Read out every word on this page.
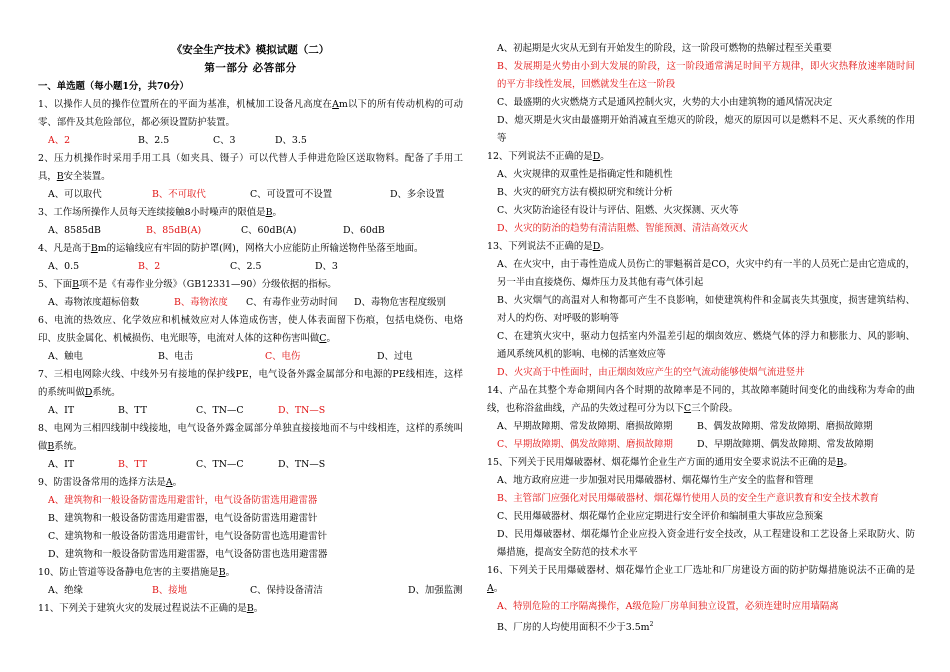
《安全生产技术》模拟试题（二）
第一部分 必答部分

一、单选题（每小题1分，共70分）

1、以操作人员的操作位置所在的平面为基准，机械加工设备凡高度在Am以下的所有传动机构的可动零、部件及其危险部位，都必须设置防护装置。

A、2	B、2.5	C、3	D、3.5

2、压力机操作时采用手用工具（如夹具、镊子）可以代替人手伸进危险区送取物料。配备了手用工具，B安全装置。

A、可以取代	B、不可取代	C、可设置可不设置	D、多余设置

3、工作场所操作人员每天连续接触8小时噪声的限值是B。

A、8585dB	B、85dB(A)	C、60dB(A)	D、60dB

4、凡是高于Bm的运输线应有牢固的防护罩(网)，网格大小应能防止所输送物件坠落至地面。

A、0.5	B、2	C、2.5	D、3

5、下面B项不是《有毒作业分级》（GB12331—90）分级依据的指标。

A、毒物浓度超标倍数	B、毒物浓度 C、有毒作业劳动时间 D、毒物危害程度级别

6、电流的热效应、化学效应和机械效应对人体造成伤害，使人体表面留下伤痕，包括电烧伤、电烙印、皮肤金属化、机械损伤、电光眼等，电流对人体的这种伤害叫做C。

A、触电	B、电击	C、电伤	D、过电

7、三相电网除火线、中线外另有接地的保护线PE，电气设备外露金属部分和电源的PE线相连，这样的系统叫做D系统。

A、IT	B、TT	C、TN—C	D、TN—S

8、电网为三相四线制中线接地，电气设备外露金属部分单独直接接地而不与中线相连，这样的系统叫做B系统。

A、IT	B、TT	C、TN—C	D、TN—S

9、防雷设备常用的选择方法是A。

A、建筑物和一般设备防雷选用避雷针，电气设备防雷选用避雷器

B、建筑物和一般设备防雷选用避雷器，电气设备防雷选用避雷针

C、建筑物和一般设备防雷选用避雷针，电气设备防雷也选用避雷针

D、建筑物和一般设备防雷选用避雷器，电气设备防雷也选用避雷器

10、防止管道等设备静电危害的主要措施是B。

A、绝缘	B、接地	C、保持设备清洁	D、加强监测

11、下列关于建筑火灾的发展过程说法不正确的是B。

A、初起期是火灾从无到有开始发生的阶段，这一阶段可燃物的热解过程至关重要

B、发展期是火势由小到大发展的阶段，这一阶段通常满足时间平方规律，即火灾热释放速率随时间的平方非线性发展，回燃就发生在这一阶段

C、最盛期的火灾燃烧方式是通风控制火灾，火势的大小由建筑物的通风情况决定

D、熄灭期是火灾由最盛期开始消减直至熄灭的阶段，熄灭的原因可以是燃料不足、灭火系统的作用等

12、下列说法不正确的是D。

A、火灾规律的双重性是指确定性和随机性

B、火灾的研究方法有模拟研究和统计分析

C、火灾防治途径有设计与评估、阻燃、火灾探测、灭火等

D、火灾的防治的趋势有清洁阻燃、智能预测、清洁高效灭火

13、下列说法不正确的是D。

A、在火灾中，由于毒性造成人员伤亡的罪魁祸首是CO，火灾中约有一半的人员死亡是由它造成的，另一半由直接烧伤、爆炸压力及其他有毒气体引起

B、火灾烟气的高温对人和物都可产生不良影响，如使建筑构件和金属丧失其强度，损害建筑结构、对人的灼伤、对呼吸的影响等

C、在建筑火灾中，驱动力包括室内外温差引起的烟囱效应、燃烧气体的浮力和膨胀力、风的影响、通风系统风机的影响、电梯的活塞效应等

D、火灾高于中性面时，由正烟囱效应产生的空气流动能够使烟气流进竖井

14、产品在其整个寿命期间内各个时期的故障率是不同的，其故障率随时间变化的曲线称为寿命的曲线，也称浴盆曲线，产品的失效过程可分为以下C三个阶段。

A、早期故障期、常发故障期、磨损故障期	B、偶发故障期、常发故障期、磨损故障期
C、早期故障期、偶发故障期、磨损故障期	D、早期故障期、偶发故障期、常发故障期

15、下列关于民用爆破器材、烟花爆竹企业生产方面的通用安全要求说法不正确的是B。

A、地方政府应进一步加强对民用爆破器材、烟花爆竹生产安全的监督和管理

B、主管部门应强化对民用爆破器材、烟花爆竹使用人员的安全生产意识教育和安全技术教育

C、民用爆破器材、烟花爆竹企业应定期进行安全评价和编制重大事故应急预案

D、民用爆破器材、烟花爆竹企业应投入资金进行安全技改，从工程建设和工艺设备上采取防火、防爆措施，提高安全防范的技术水平

16、下列关于民用爆破器材、烟花爆竹企业工厂选址和厂房建设方面的防护防爆措施说法不正确的是A。

A、特别危险的工序隔离操作，A级危险厂房单间独立设置，必须连建时应用墙隔离

B、厂房的人均使用面积不少于$3.5m^2$
